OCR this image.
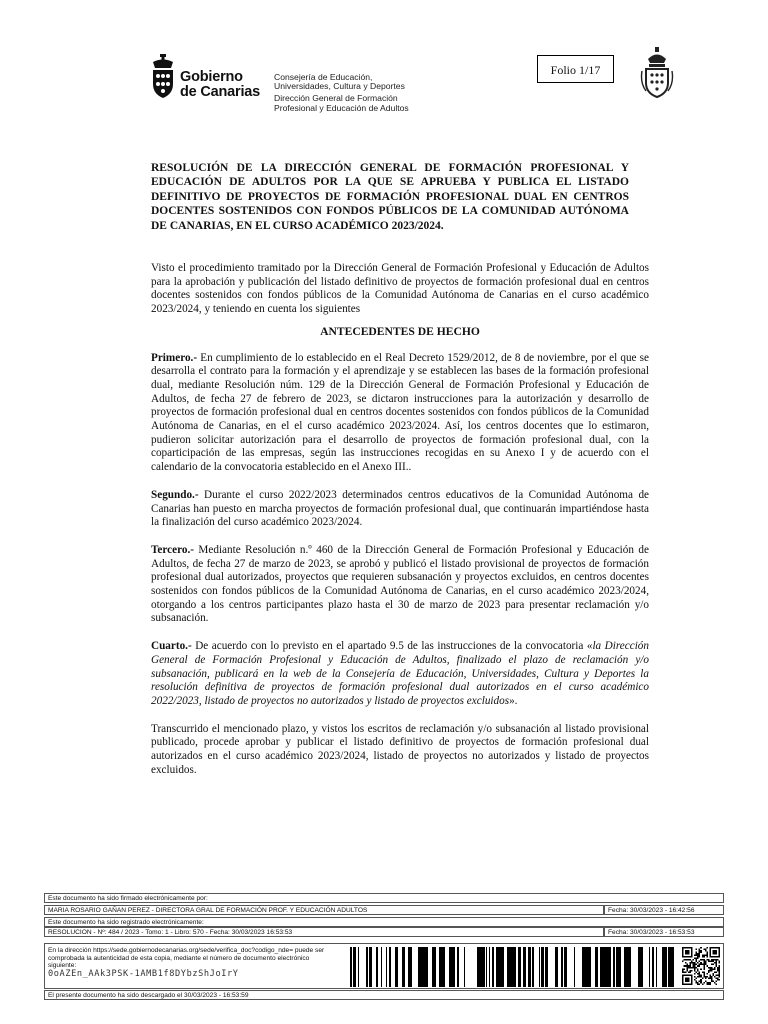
Gobierno
de Canarias
Consejería de Educación,
Universidades, Cultura y Deportes
Dirección General de Formación
Profesional y Educación de Adultos
Folio 1/17
RESOLUCIÓN DE LA DIRECCIÓN GENERAL DE FORMACIÓN PROFESIONAL Y EDUCACIÓN DE ADULTOS POR LA QUE SE APRUEBA Y PUBLICA EL LISTADO DEFINITIVO DE PROYECTOS DE FORMACIÓN PROFESIONAL DUAL EN CENTROS DOCENTES SOSTENIDOS CON FONDOS PÚBLICOS DE LA COMUNIDAD AUTÓNOMA DE CANARIAS, EN EL CURSO ACADÉMICO 2023/2024.

Visto el procedimiento tramitado por la Dirección General de Formación Profesional y Educación de Adultos para la aprobación y publicación del listado definitivo de proyectos de formación profesional dual en centros docentes sostenidos con fondos públicos de la Comunidad Autónoma de Canarias en el curso académico 2023/2024, y teniendo en cuenta los siguientes

ANTECEDENTES DE HECHO

Primero.- En cumplimiento de lo establecido en el Real Decreto 1529/2012, de 8 de noviembre, por el que se desarrolla el contrato para la formación y el aprendizaje y se establecen las bases de la formación profesional dual, mediante Resolución núm. 129 de la Dirección General de Formación Profesional y Educación de Adultos, de fecha 27 de febrero de 2023, se dictaron instrucciones para la autorización y desarrollo de proyectos de formación profesional dual en centros docentes sostenidos con fondos públicos de la Comunidad Autónoma de Canarias, en el el curso académico 2023/2024. Así, los centros docentes que lo estimaron, pudieron solicitar autorización para el desarrollo de proyectos de formación profesional dual, con la coparticipación de las empresas, según las instrucciones recogidas en su Anexo I y de acuerdo con el calendario de la convocatoria establecido en el Anexo III..

Segundo.- Durante el curso 2022/2023 determinados centros educativos de la Comunidad Autónoma de Canarias han puesto en marcha proyectos de formación profesional dual, que continuarán impartiéndose hasta la finalización del curso académico 2023/2024.

Tercero.- Mediante Resolución n.º 460 de la Dirección General de Formación Profesional y Educación de Adultos, de fecha 27 de marzo de 2023, se aprobó y publicó el listado provisional de proyectos de formación profesional dual autorizados, proyectos que requieren subsanación y proyectos excluidos, en centros docentes sostenidos con fondos públicos de la Comunidad Autónoma de Canarias, en el curso académico 2023/2024, otorgando a los centros participantes plazo hasta el 30 de marzo de 2023 para presentar reclamación y/o subsanación.

Cuarto.- De acuerdo con lo previsto en el apartado 9.5 de las instrucciones de la convocatoria «la Dirección General de Formación Profesional y Educación de Adultos, finalizado el plazo de reclamación y/o subsanación, publicará en la web de la Consejería de Educación, Universidades, Cultura y Deportes la resolución definitiva de proyectos de formación profesional dual autorizados en el curso académico 2022/2023, listado de proyectos no autorizados y listado de proyectos excluidos».

Transcurrido el mencionado plazo, y vistos los escritos de reclamación y/o subsanación al listado provisional publicado, procede aprobar y publicar el listado definitivo de proyectos de formación profesional dual autorizados en el curso académico 2023/2024, listado de proyectos no autorizados y listado de proyectos excluidos.

Este documento ha sido firmado electrónicamente por:
MARIA ROSARIO GAÑAN PEREZ - DIRECTORA GRAL DE FORMACIÓN PROF. Y EDUCACIÓN ADULTOS	Fecha: 30/03/2023 - 16:42:56
Este documento ha sido registrado electrónicamente:
RESOLUCION - Nº: 484 / 2023 - Tomo: 1 - Libro: 570 - Fecha: 30/03/2023 16:53:53	Fecha: 30/03/2023 - 16:53:53
En la dirección https://sede.gobiernodecanarias.org/sede/verifica_doc?codigo_nde= puede ser comprobada la autenticidad de esta copia, mediante el número de documento electrónico siguiente:
0oAZEn_AAk3PSK-1AMB1f8DYbzShJoIrY
El presente documento ha sido descargado el 30/03/2023 - 16:53:59
